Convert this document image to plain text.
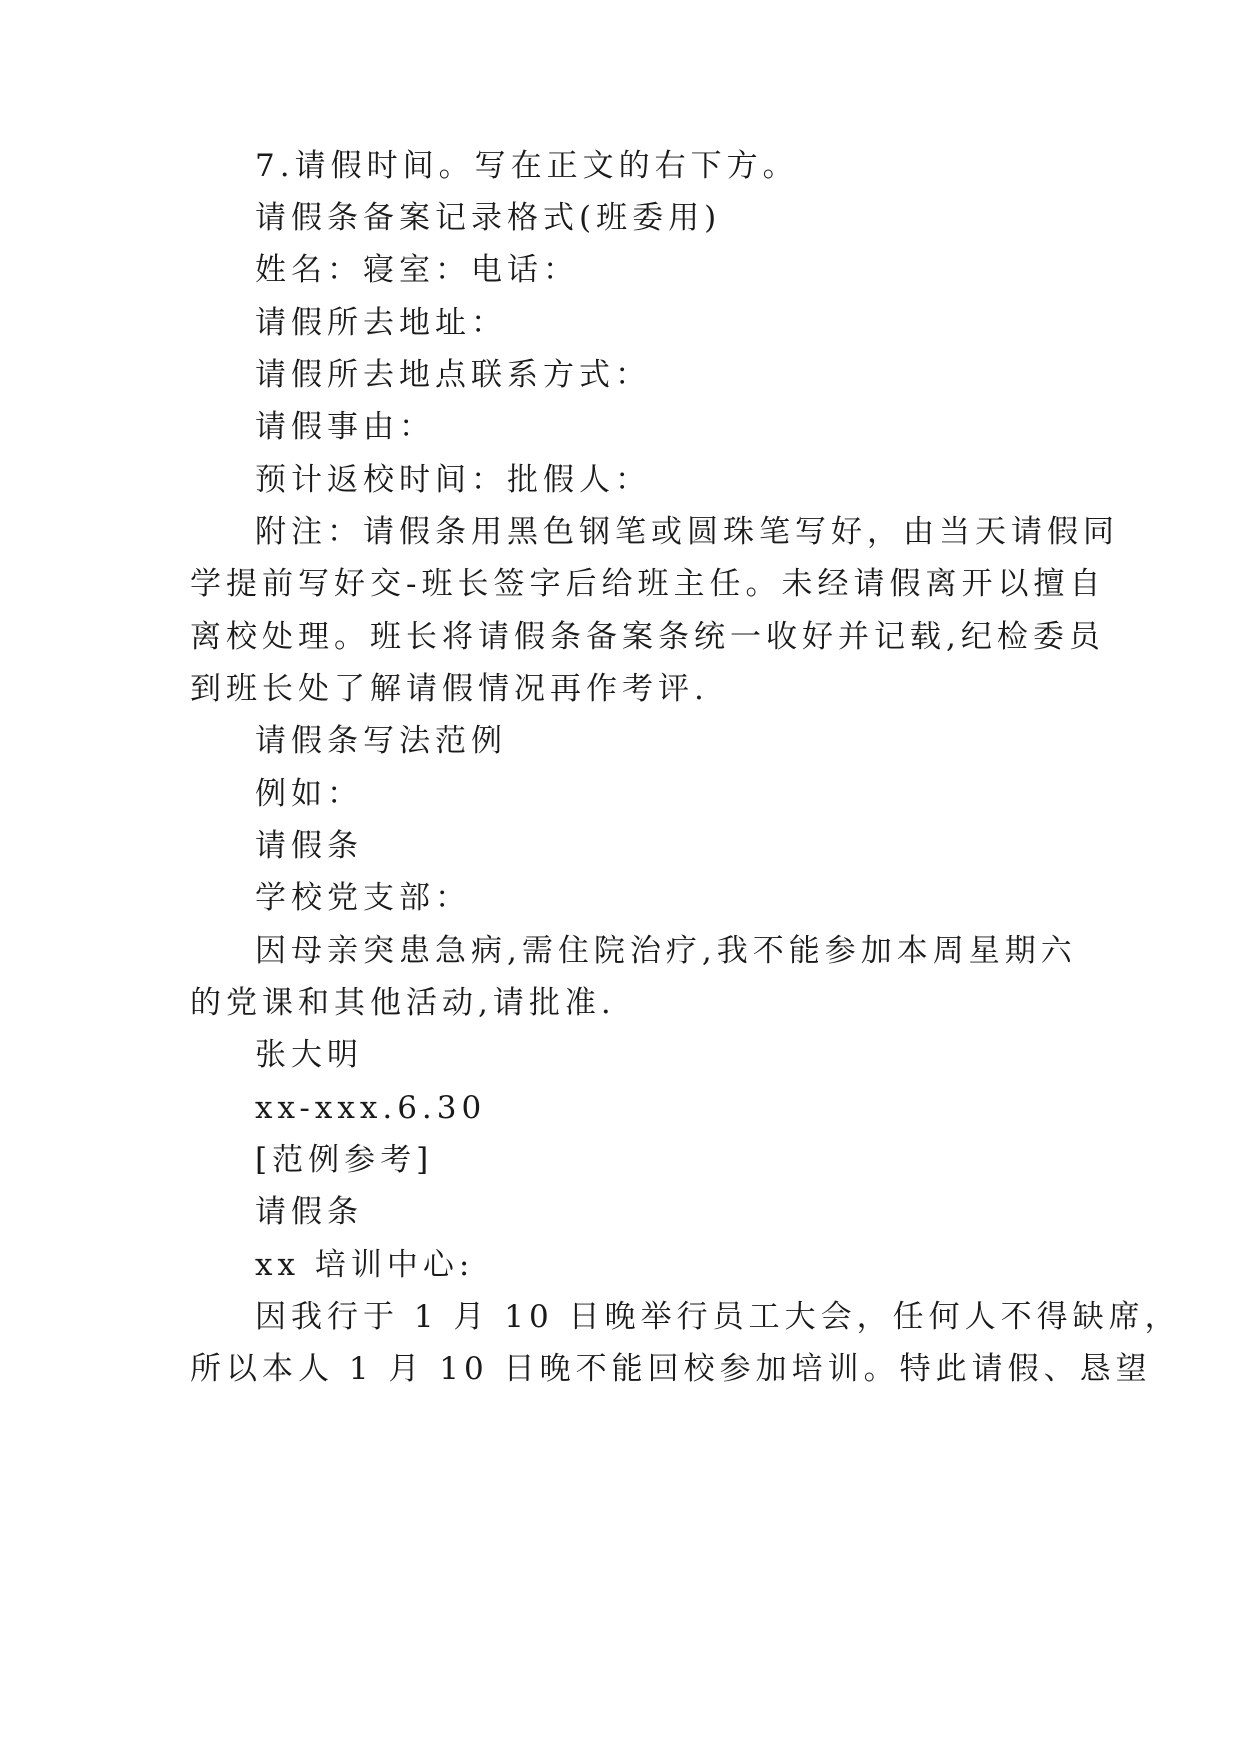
7.请假时间。写在正文的右下方。
请假条备案记录格式(班委用)
姓名：寝室：电话：
请假所去地址：
请假所去地点联系方式：
请假事由：
预计返校时间：批假人：
附注：请假条用黑色钢笔或圆珠笔写好，由当天请假同
学提前写好交-班长签字后给班主任。未经请假离开以擅自
离校处理。班长将请假条备案条统一收好并记载,纪检委员
到班长处了解请假情况再作考评.
请假条写法范例
例如：
请假条
学校党支部：
因母亲突患急病,需住院治疗,我不能参加本周星期六
的党课和其他活动,请批准.
张大明
xx-xxx.6.30
[范例参考]
请假条
xx 培训中心:
因我行于 1 月 10 日晚举行员工大会，任何人不得缺席，
所以本人 1 月 10 日晚不能回校参加培训。特此请假、恳望
